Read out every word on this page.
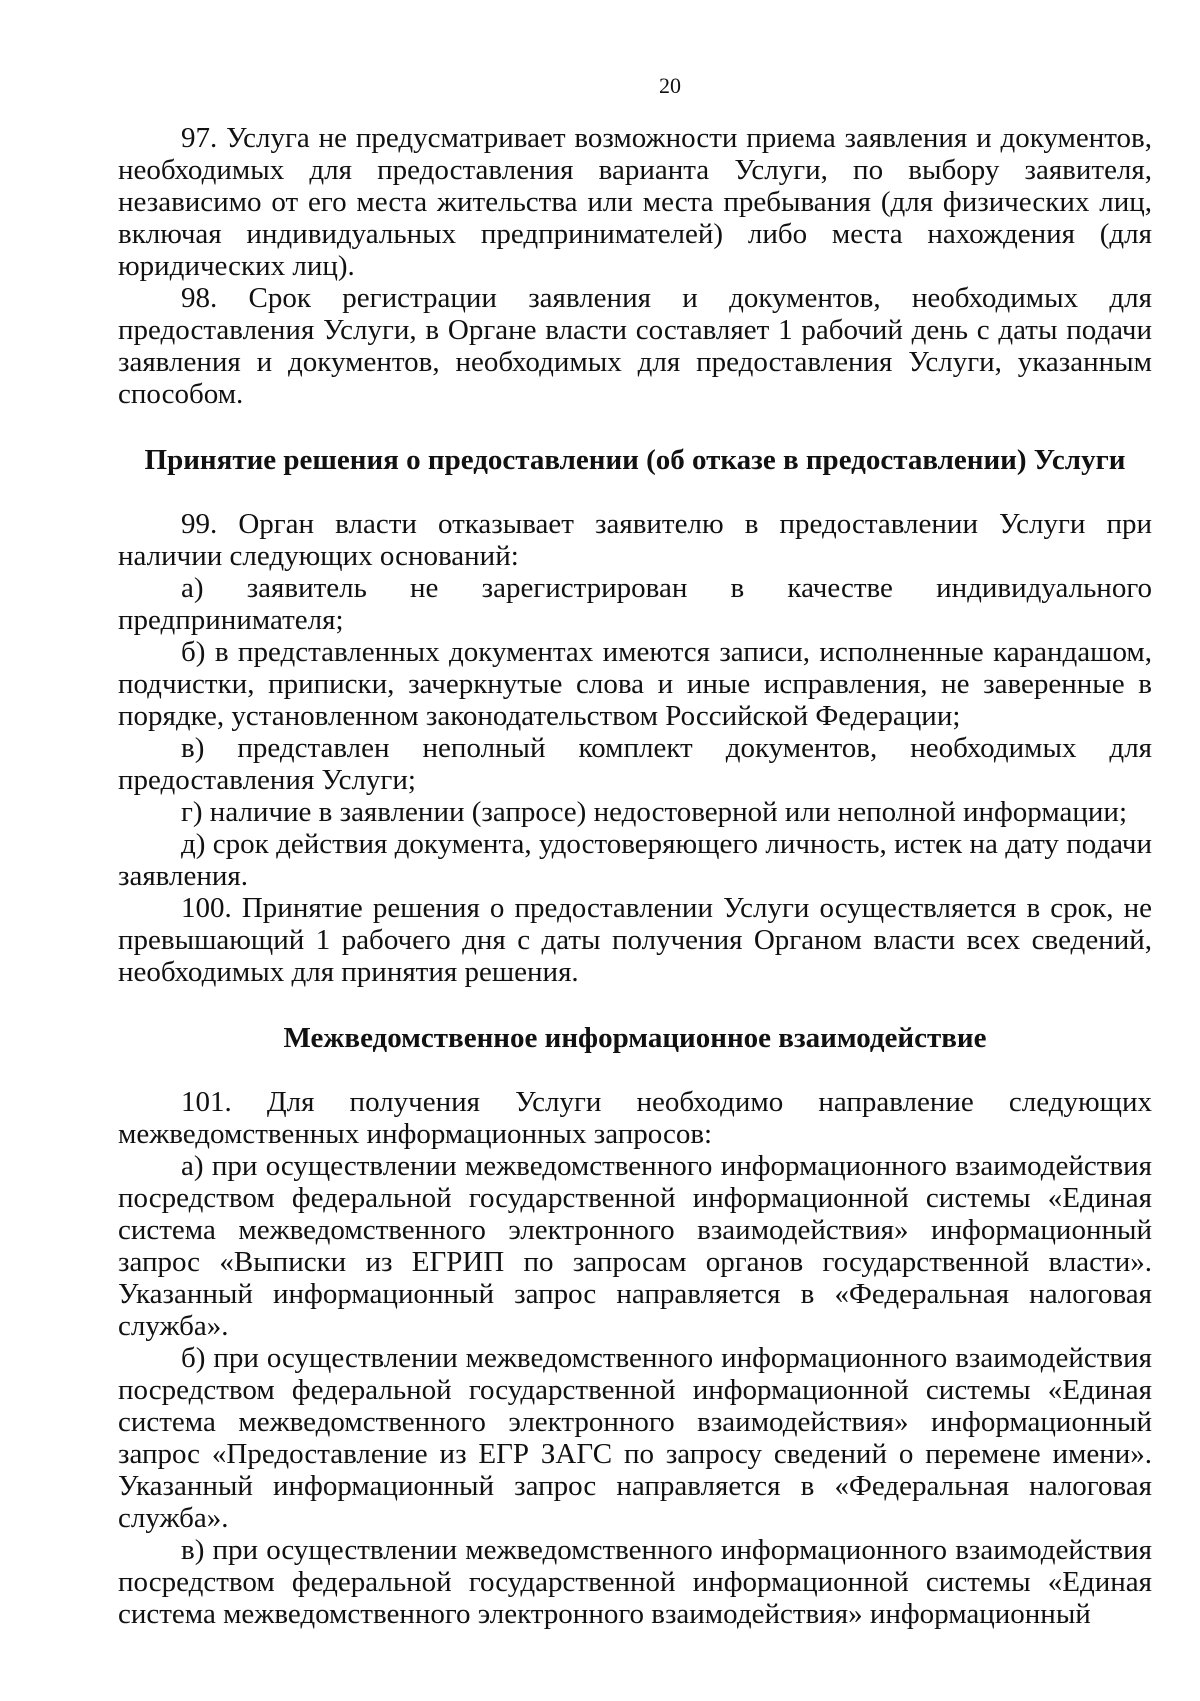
20

97. Услуга не предусматривает возможности приема заявления и документов, необходимых для предоставления варианта Услуги, по выбору заявителя, независимо от его места жительства или места пребывания (для физических лиц, включая индивидуальных предпринимателей) либо места нахождения (для юридических лиц).

98. Срок регистрации заявления и документов, необходимых для предоставления Услуги, в Органе власти составляет 1 рабочий день с даты подачи заявления и документов, необходимых для предоставления Услуги, указанным способом.

Принятие решения о предоставлении (об отказе в предоставлении) Услуги

99. Орган власти отказывает заявителю в предоставлении Услуги при наличии следующих оснований:

а) заявитель не зарегистрирован в качестве индивидуального предпринимателя;

б) в представленных документах имеются записи, исполненные карандашом, подчистки, приписки, зачеркнутые слова и иные исправления, не заверенные в порядке, установленном законодательством Российской Федерации;

в) представлен неполный комплект документов, необходимых для предоставления Услуги;

г) наличие в заявлении (запросе) недостоверной или неполной информации;

д) срок действия документа, удостоверяющего личность, истек на дату подачи заявления.

100. Принятие решения о предоставлении Услуги осуществляется в срок, не превышающий 1 рабочего дня с даты получения Органом власти всех сведений, необходимых для принятия решения.

Межведомственное информационное взаимодействие

101. Для получения Услуги необходимо направление следующих межведомственных информационных запросов:

а) при осуществлении межведомственного информационного взаимодействия посредством федеральной государственной информационной системы «Единая система межведомственного электронного взаимодействия» информационный запрос «Выписки из ЕГРИП по запросам органов государственной власти». Указанный информационный запрос направляется в «Федеральная налоговая служба».

б) при осуществлении межведомственного информационного взаимодействия посредством федеральной государственной информационной системы «Единая система межведомственного электронного взаимодействия» информационный запрос «Предоставление из ЕГР ЗАГС по запросу сведений о перемене имени». Указанный информационный запрос направляется в «Федеральная налоговая служба».

в) при осуществлении межведомственного информационного взаимодействия посредством федеральной государственной информационной системы «Единая система межведомственного электронного взаимодействия» информационный
